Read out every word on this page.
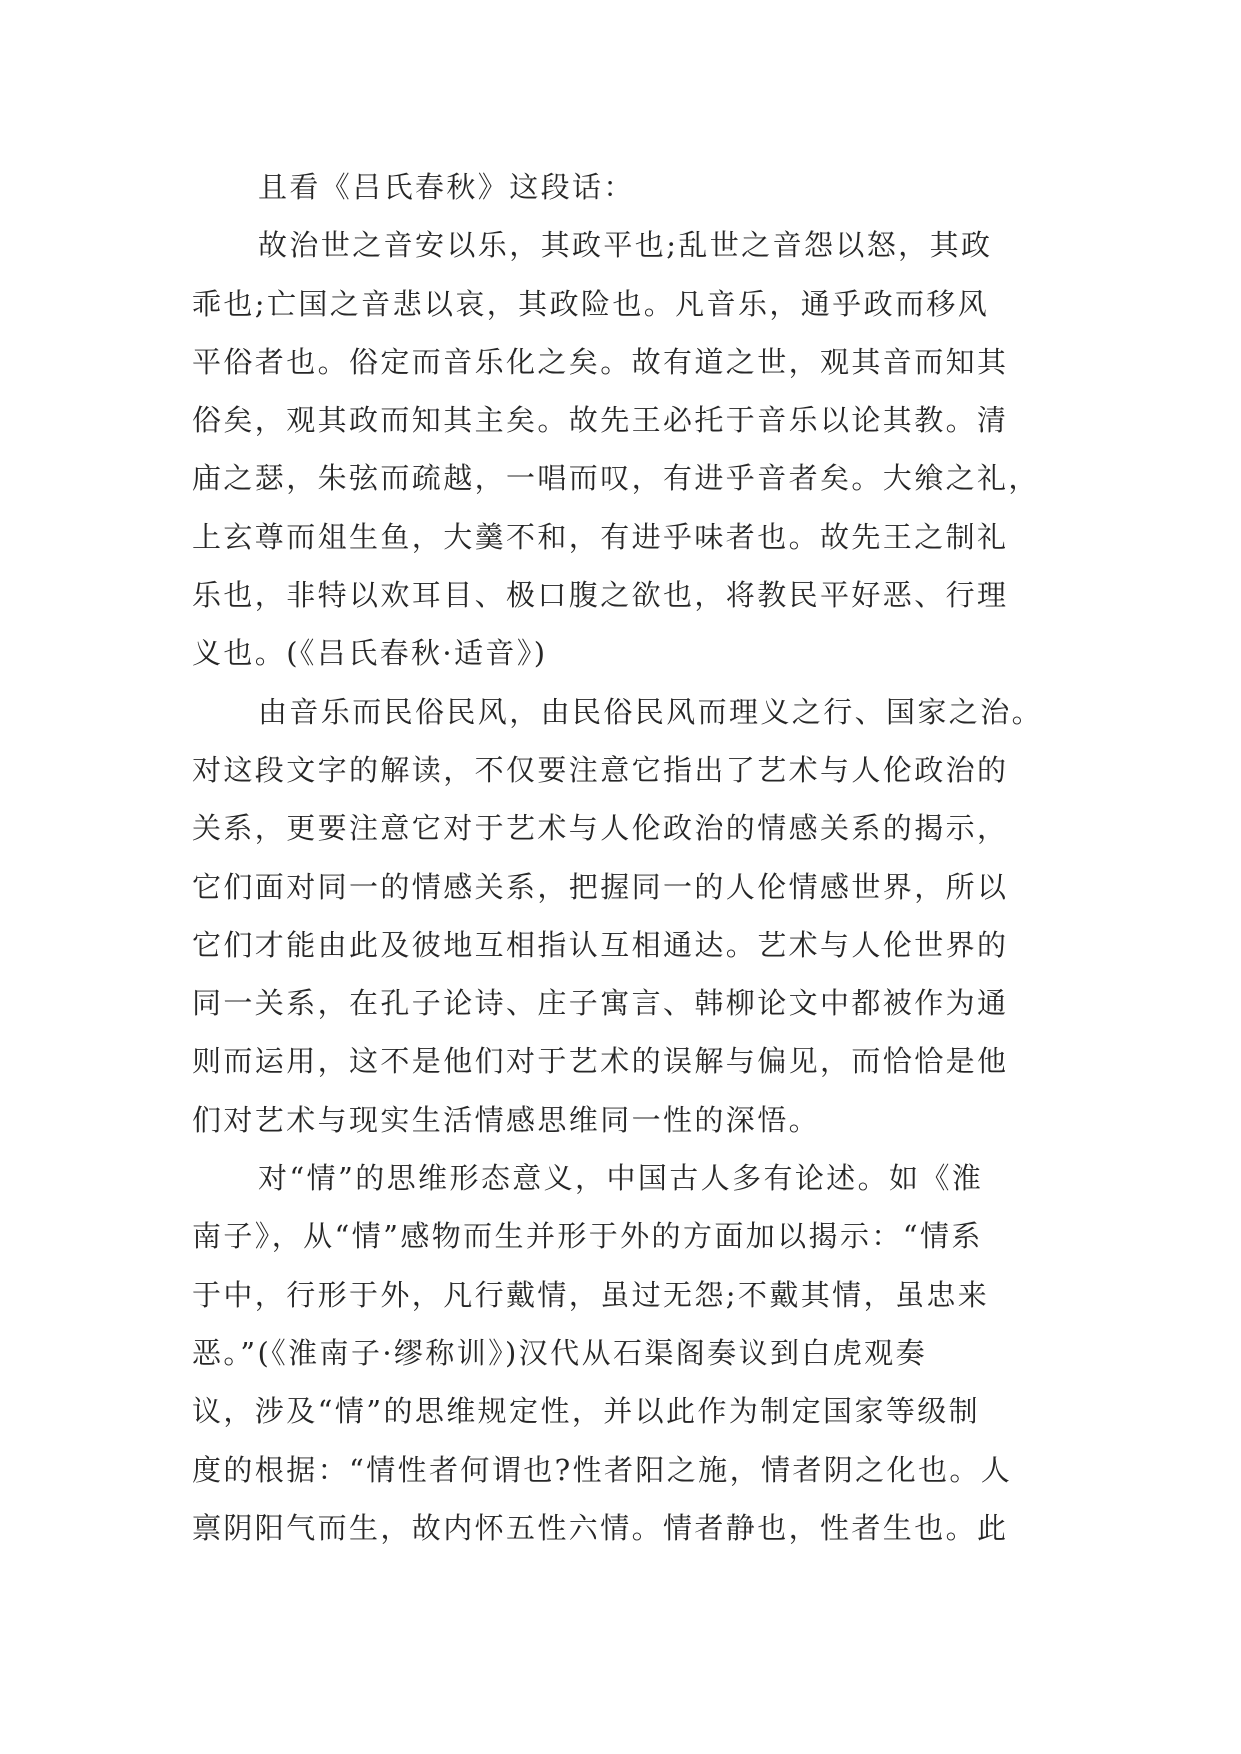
且看《吕氏春秋》这段话：
故治世之音安以乐，其政平也;乱世之音怨以怒，其政
乖也;亡国之音悲以哀，其政险也。凡音乐，通乎政而移风
平俗者也。俗定而音乐化之矣。故有道之世，观其音而知其
俗矣，观其政而知其主矣。故先王必托于音乐以论其教。清
庙之瑟，朱弦而疏越，一唱而叹，有进乎音者矣。大飨之礼，
上玄尊而俎生鱼，大羹不和，有进乎味者也。故先王之制礼
乐也，非特以欢耳目、极口腹之欲也，将教民平好恶、行理
义也。(《吕氏春秋·适音》)
由音乐而民俗民风，由民俗民风而理义之行、国家之治。
对这段文字的解读，不仅要注意它指出了艺术与人伦政治的
关系，更要注意它对于艺术与人伦政治的情感关系的揭示，
它们面对同一的情感关系，把握同一的人伦情感世界，所以
它们才能由此及彼地互相指认互相通达。艺术与人伦世界的
同一关系，在孔子论诗、庄子寓言、韩柳论文中都被作为通
则而运用，这不是他们对于艺术的误解与偏见，而恰恰是他
们对艺术与现实生活情感思维同一性的深悟。
对“情”的思维形态意义，中国古人多有论述。如《淮
南子》，从“情”感物而生并形于外的方面加以揭示：“情系
于中，行形于外，凡行戴情，虽过无怨;不戴其情，虽忠来
恶。”(《淮南子·缪称训》)汉代从石渠阁奏议到白虎观奏
议，涉及“情”的思维规定性，并以此作为制定国家等级制
度的根据：“情性者何谓也?性者阳之施，情者阴之化也。人
禀阴阳气而生，故内怀五性六情。情者静也，性者生也。此
